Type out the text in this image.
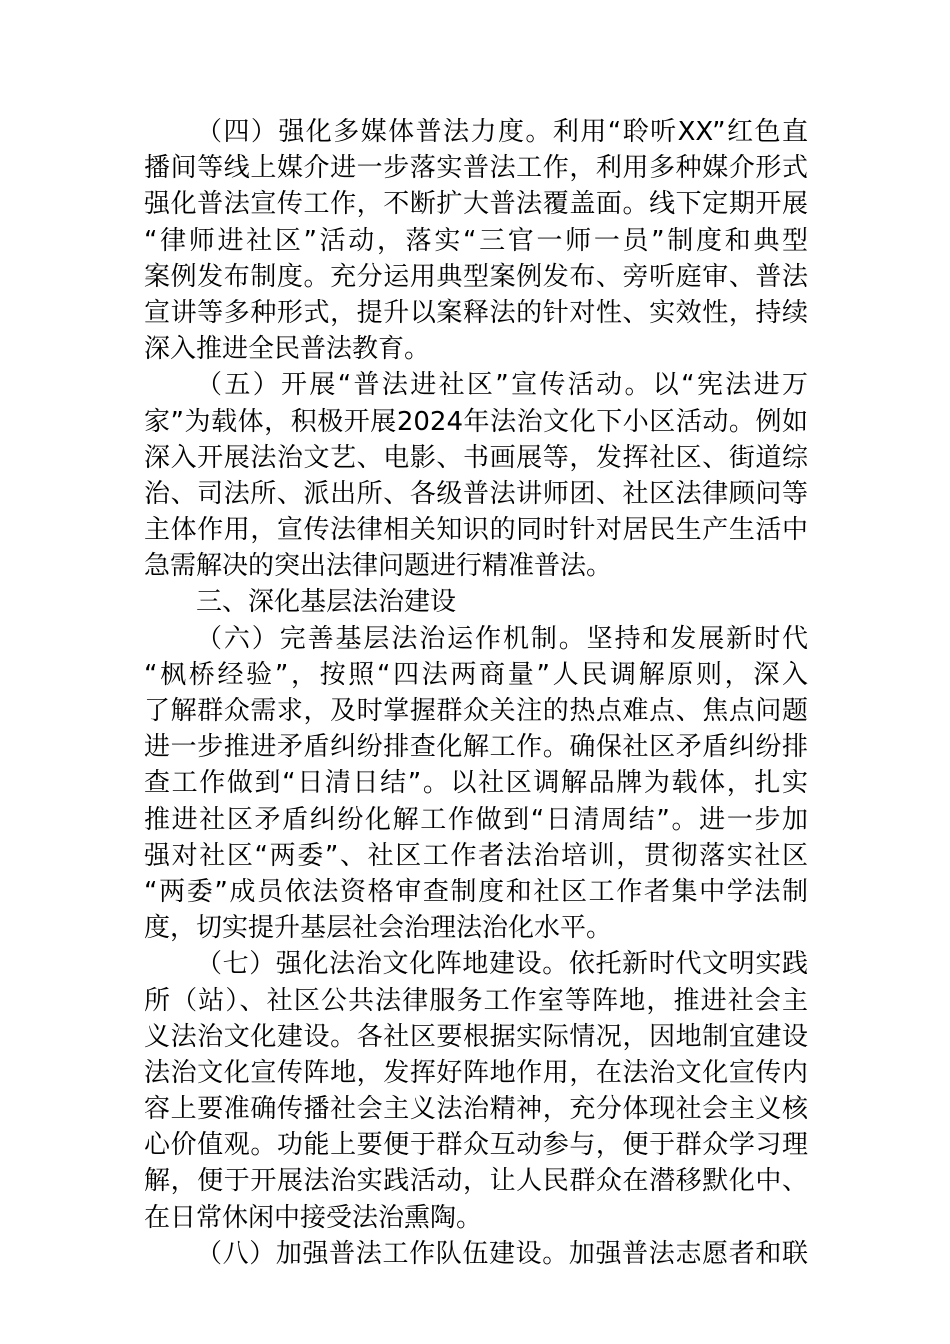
（四）强化多媒体普法力度。利用“聆听XX”红色直
播间等线上媒介进一步落实普法工作，利用多种媒介形式
强化普法宣传工作，不断扩大普法覆盖面。线下定期开展
“律师进社区”活动，落实“三官一师一员”制度和典型
案例发布制度。充分运用典型案例发布、旁听庭审、普法
宣讲等多种形式，提升以案释法的针对性、实效性，持续
深入推进全民普法教育。
（五）开展“普法进社区”宣传活动。以“宪法进万
家”为载体，积极开展2024年法治文化下小区活动。例如
深入开展法治文艺、电影、书画展等，发挥社区、街道综
治、司法所、派出所、各级普法讲师团、社区法律顾问等
主体作用，宣传法律相关知识的同时针对居民生产生活中
急需解决的突出法律问题进行精准普法。
三、深化基层法治建设
（六）完善基层法治运作机制。坚持和发展新时代
“枫桥经验”，按照“四法两商量”人民调解原则，深入
了解群众需求，及时掌握群众关注的热点难点、焦点问题
进一步推进矛盾纠纷排查化解工作。确保社区矛盾纠纷排
查工作做到“日清日结”。以社区调解品牌为载体，扎实
推进社区矛盾纠纷化解工作做到“日清周结”。进一步加
强对社区“两委”、社区工作者法治培训，贯彻落实社区
“两委”成员依法资格审查制度和社区工作者集中学法制
度，切实提升基层社会治理法治化水平。
（七）强化法治文化阵地建设。依托新时代文明实践
所（站）、社区公共法律服务工作室等阵地，推进社会主
义法治文化建设。各社区要根据实际情况，因地制宜建设
法治文化宣传阵地，发挥好阵地作用，在法治文化宣传内
容上要准确传播社会主义法治精神，充分体现社会主义核
心价值观。功能上要便于群众互动参与，便于群众学习理
解，便于开展法治实践活动，让人民群众在潜移默化中、
在日常休闲中接受法治熏陶。
（八）加强普法工作队伍建设。加强普法志愿者和联
